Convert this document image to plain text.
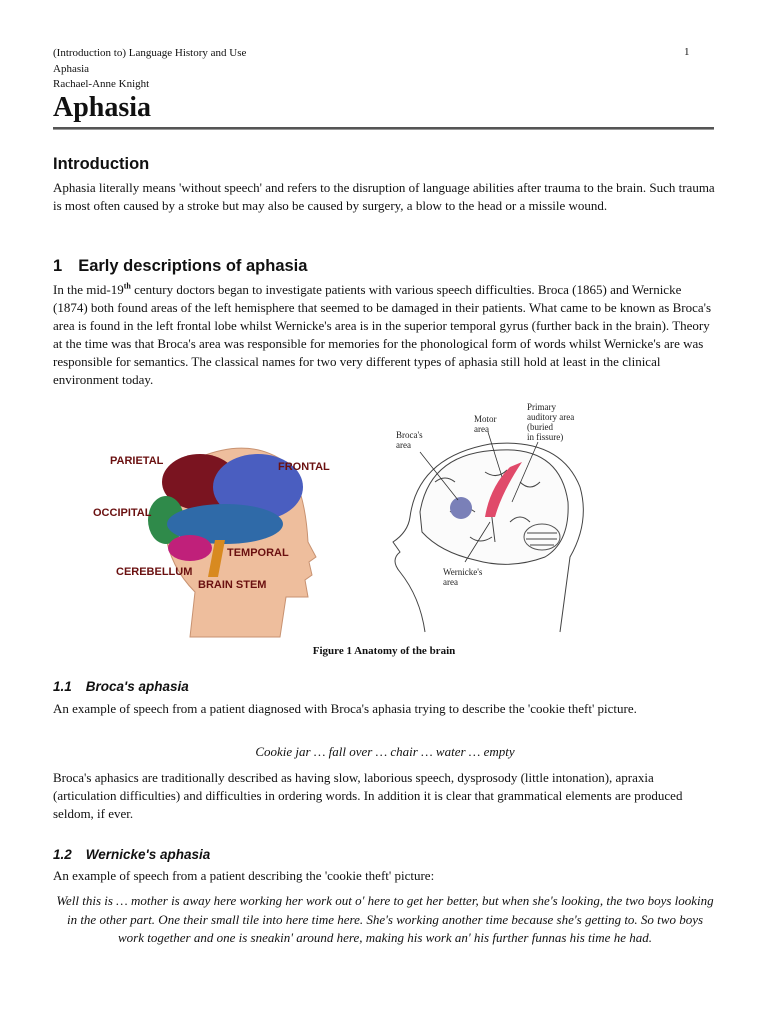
(Introduction to) Language History and Use	1
Aphasia
Rachael-Anne Knight
Aphasia
Introduction

Aphasia literally means 'without speech' and refers to the disruption of language abilities after trauma to the brain. Such trauma is most often caused by a stroke but may also be caused by surgery, a blow to the head or a missile wound.

1 Early descriptions of aphasia

In the mid-19th century doctors began to investigate patients with various speech difficulties. Broca (1865) and Wernicke (1874) both found areas of the left hemisphere that seemed to be damaged in their patients. What came to be known as Broca's area is found in the left frontal lobe whilst Wernicke's area is in the superior temporal gyrus (further back in the brain). Theory at the time was that Broca's area was responsible for memories for the phonological form of words whilst Wernicke's are was responsible for semantics. The classical names for two very different types of aphasia still hold at least in the clinical environment today.

PARIETAL	FRONTAL
OCCIPITAL
TEMPORAL
CEREBELLUM
BRAIN STEM
Broca's
area
Motor
area
Primary
auditory area
(buried
in fissure)
Wernicke's
area
Figure 1 Anatomy of the brain
1.1 Broca's aphasia

An example of speech from a patient diagnosed with Broca's aphasia trying to describe the 'cookie theft' picture.

Cookie jar … fall over … chair … water … empty

Broca's aphasics are traditionally described as having slow, laborious speech, dysprosody (little intonation), apraxia (articulation difficulties) and difficulties in ordering words. In addition it is clear that grammatical elements are produced seldom, if ever.

1.2 Wernicke's aphasia

An example of speech from a patient describing the 'cookie theft' picture:

Well this is … mother is away here working her work out o' here to get her better, but when she's looking, the two boys looking in the other part. One their small tile into here time here. She's working another time because she's getting to. So two boys work together and one is sneakin' around here, making his work an' his further funnas his time he had.
